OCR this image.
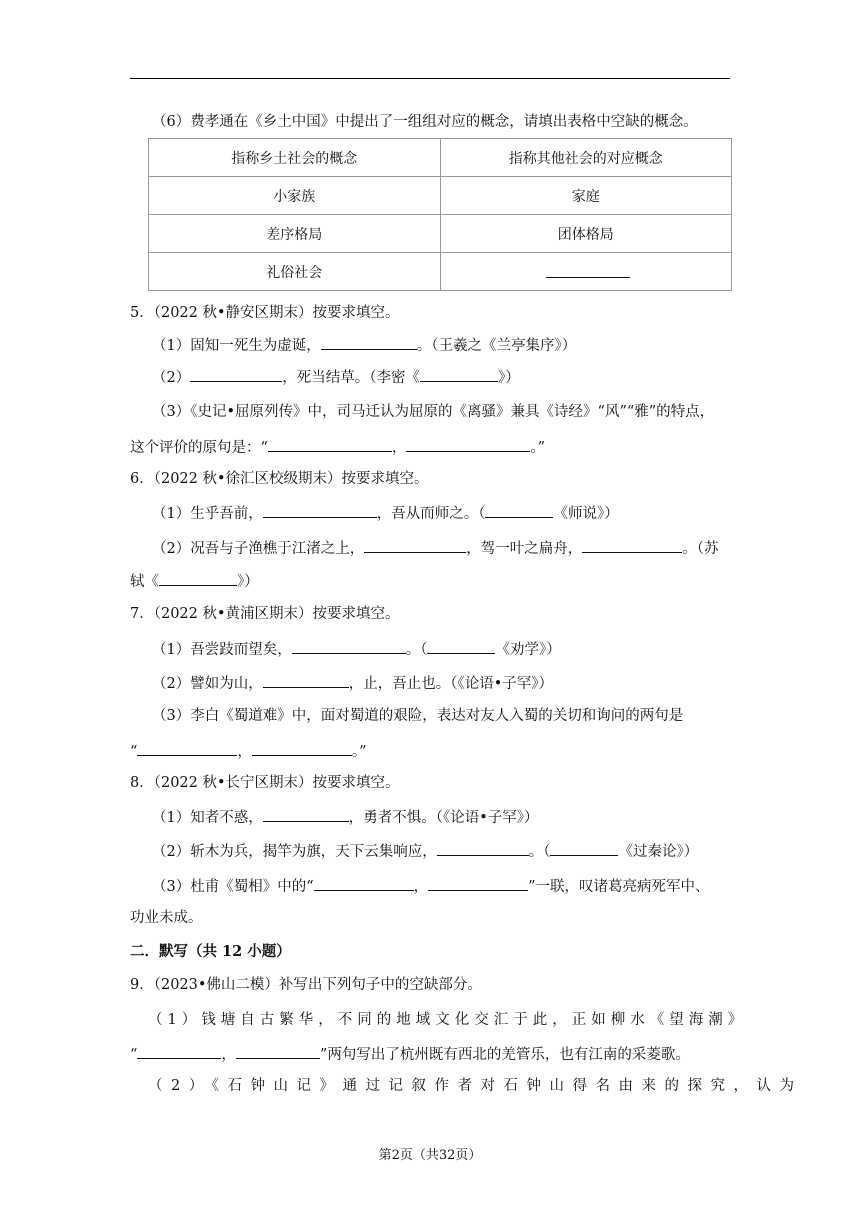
（6）费孝通在《乡土中国》中提出了一组组对应的概念，请填出表格中空缺的概念。
指称乡土社会的概念	指称其他社会的对应概念
小家族	家庭
差序格局	团体格局
礼俗社会	
5．（2022 秋•静安区期末）按要求填空。
（1）固知一死生为虚诞，	。（王羲之《兰亭集序》）
（2）	，死当结草。（李密《	》）
（3）《史记•屈原列传》中，司马迁认为屈原的《离骚》兼具《诗经》“风”“雅”的特点，
这个评价的原句是：“	，	。”
6．（2022 秋•徐汇区校级期末）按要求填空。
（1）生乎吾前，	，吾从而师之。（	《师说》）
（2）况吾与子渔樵于江渚之上，	，驾一叶之扁舟，	。（苏
轼《	》）
7．（2022 秋•黄浦区期末）按要求填空。
（1）吾尝跂而望矣，	。（	《劝学》）
（2）譬如为山，	，止，吾止也。（《论语•子罕》）
（3）李白《蜀道难》中，面对蜀道的艰险，表达对友人入蜀的关切和询问的两句是
“	，	。”
8．（2022 秋•长宁区期末）按要求填空。
（1）知者不惑，	，勇者不惧。（《论语•子罕》）
（2）斩木为兵，揭竿为旗，天下云集响应，	。（	《过秦论》）
（3）杜甫《蜀相》中的“	，	”一联，叹诸葛亮病死军中、
功业未成。
二．默写（共 12 小题）
9．（2023•佛山二模）补写出下列句子中的空缺部分。
（1）钱塘自古繁华，不同的地域文化交汇于此，正如柳水《望海潮》
“	，	”两句写出了杭州既有西北的羌管乐，也有江南的采菱歌。
（2）《石钟山记》通过记叙作者对石钟山得名由来的探究，认为
第2页（共32页）
